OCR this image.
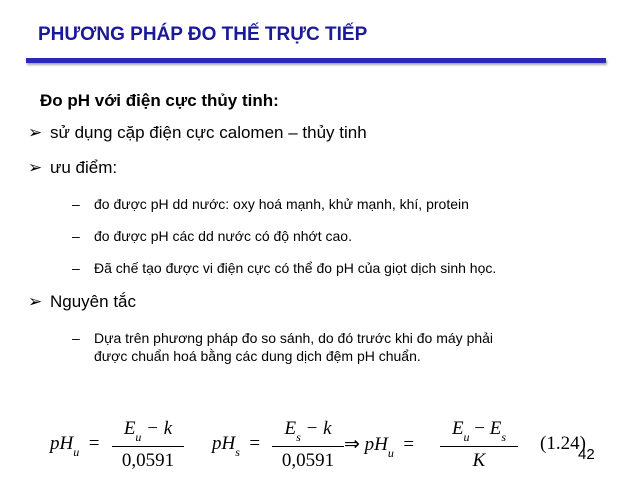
PHƯƠNG PHÁP ĐO THẾ TRỰC TIẾP
Đo pH với điện cực thủy tinh:
➢ sử dụng cặp điện cực calomen – thủy tinh
➢ ưu điểm:
– đo được pH dd nước: oxy hoá mạnh, khử mạnh, khí, protein
– đo được pH các dd nước có độ nhớt cao.
– Đã chế tạo được vi điện cực có thể đo pH của giọt dịch sinh học.
➢ Nguyên tắc
– Dựa trên phương pháp đo so sánh, do đó trước khi đo máy phải
được chuẩn hoá bằng các dung dịch đệm pH chuẩn.
$pH_u$ =
$E_u - k$
0,0591
$pH_s$ =
$E_s - k$
0,0591
⇒ $pH_u$ =
$E_u - E_s$
K
(1.24)
42
